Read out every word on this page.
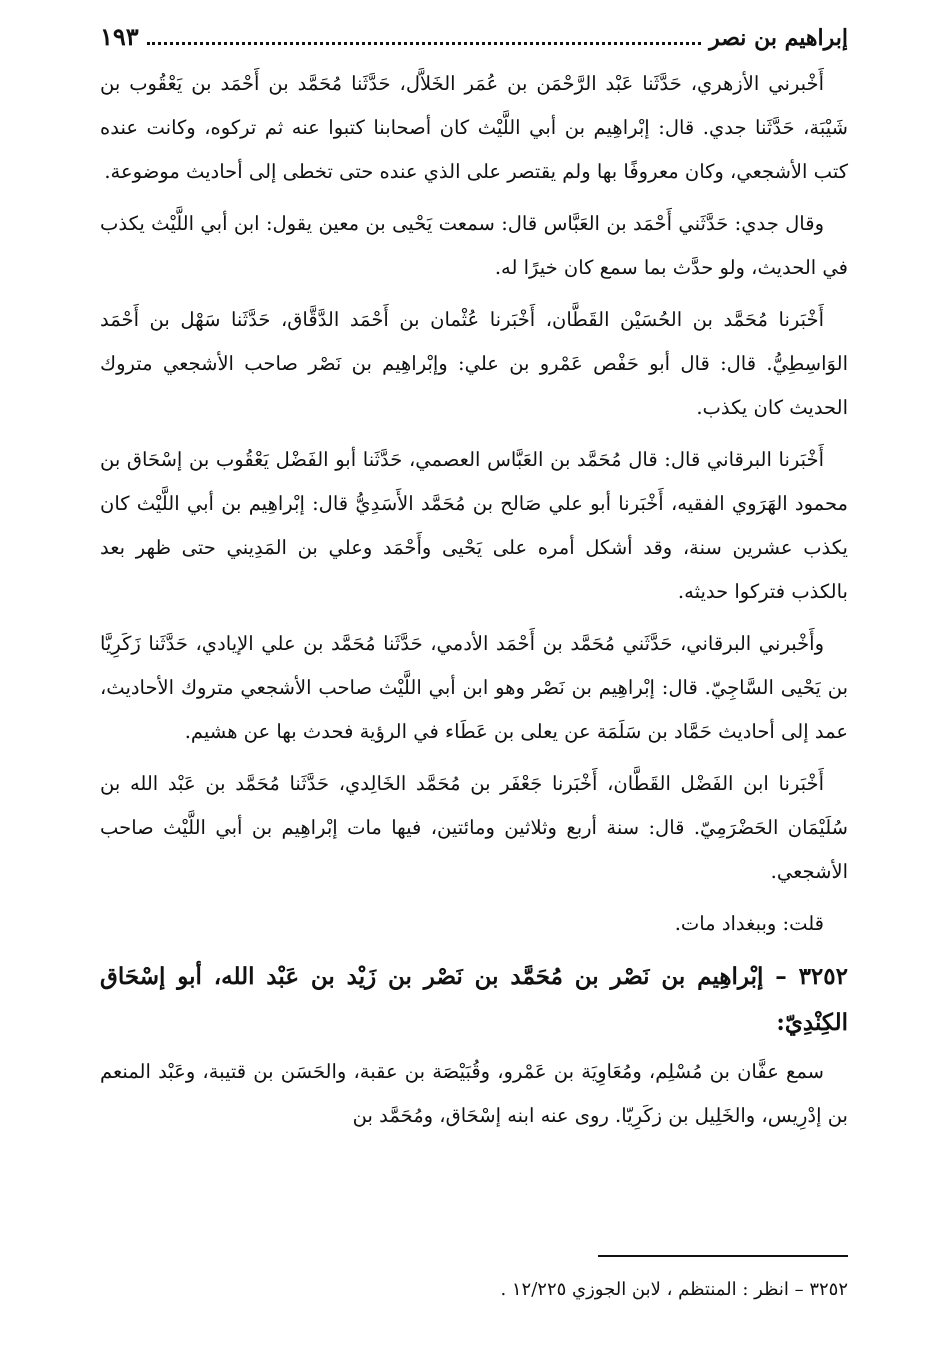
إبراهيم بن نصر
١٩٣

أَخْبرني الأزهري، حَدَّثَنا عَبْد الرَّحْمَن بن عُمَر الخَلاَّل، حَدَّثَنا مُحَمَّد بن أَحْمَد بن يَعْقُوب بن شَيْبَة، حَدَّثَنا جدي. قال: إبْراهِيم بن أبي اللَّيْث كان أصحابنا كتبوا عنه ثم تركوه، وكانت عنده كتب الأشجعي، وكان معروفًا بها ولم يقتصر على الذي عنده حتى تخطى إلى أحاديث موضوعة.

وقال جدي: حَدَّثَني أَحْمَد بن العَبَّاس قال: سمعت يَحْيى بن معين يقول: ابن أبي اللَّيْث يكذب في الحديث، ولو حدَّث بما سمع كان خيرًا له.

أَخْبَرنا مُحَمَّد بن الحُسَيْن القَطَّان، أَخْبَرنا عُثْمان بن أَحْمَد الدَّقَّاق، حَدَّثَنا سَهْل بن أَحْمَد الوَاسِطِيُّ. قال: قال أبو حَفْص عَمْرو بن علي: وإبْراهِيم بن نَصْر صاحب الأشجعي متروك الحديث كان يكذب.

أَخْبَرنا البرقاني قال: قال مُحَمَّد بن العَبَّاس العصمي، حَدَّثَنا أبو الفَضْل يَعْقُوب بن إسْحَاق بن محمود الهَرَوي الفقيه، أَخْبَرنا أبو علي صَالح بن مُحَمَّد الأَسَدِيُّ قال: إبْراهِيم بن أبي اللَّيْث كان يكذب عشرين سنة، وقد أشكل أمره على يَحْيى وأَحْمَد وعلي بن المَدِيني حتى ظهر بعد بالكذب فتركوا حديثه.

وأَخْبرني البرقاني، حَدَّثَني مُحَمَّد بن أَحْمَد الأدمي، حَدَّثَنا مُحَمَّد بن علي الإيادي، حَدَّثَنا زَكَرِيَّا بن يَحْيى السَّاجِيّ. قال: إبْراهِيم بن نَصْر وهو ابن أبي اللَّيْث صاحب الأشجعي متروك الأحاديث، عمد إلى أحاديث حَمَّاد بن سَلَمَة عن يعلى بن عَطَاء في الرؤية فحدث بها عن هشيم.

أَخْبَرنا ابن الفَضْل القَطَّان، أَخْبَرنا جَعْفَر بن مُحَمَّد الخَالِدي، حَدَّثَنا مُحَمَّد بن عَبْد الله بن سُلَيْمَان الحَضْرَمِيّ. قال: سنة أربع وثلاثين ومائتين، فيها مات إبْراهِيم بن أبي اللَّيْث صاحب الأشجعي.

قلت: وببغداد مات.

٣٢٥٢ – إبْراهِيم بن نَصْر بن مُحَمَّد بن نَصْر بن زَيْد بن عَبْد الله، أبو إسْحَاق الكِنْدِيّ:

سمع عفَّان بن مُسْلِم، ومُعَاوِيَة بن عَمْرو، وقُبَيْصَة بن عقبة، والحَسَن بن قتيبة، وعَبْد المنعم بن إدْرِيس، والخَلِيل بن زكَرِيّا. روى عنه ابنه إسْحَاق، ومُحَمَّد بن

٣٢٥٢ – انظر : المنتظم ، لابن الجوزي ١٢/٢٢٥ .
